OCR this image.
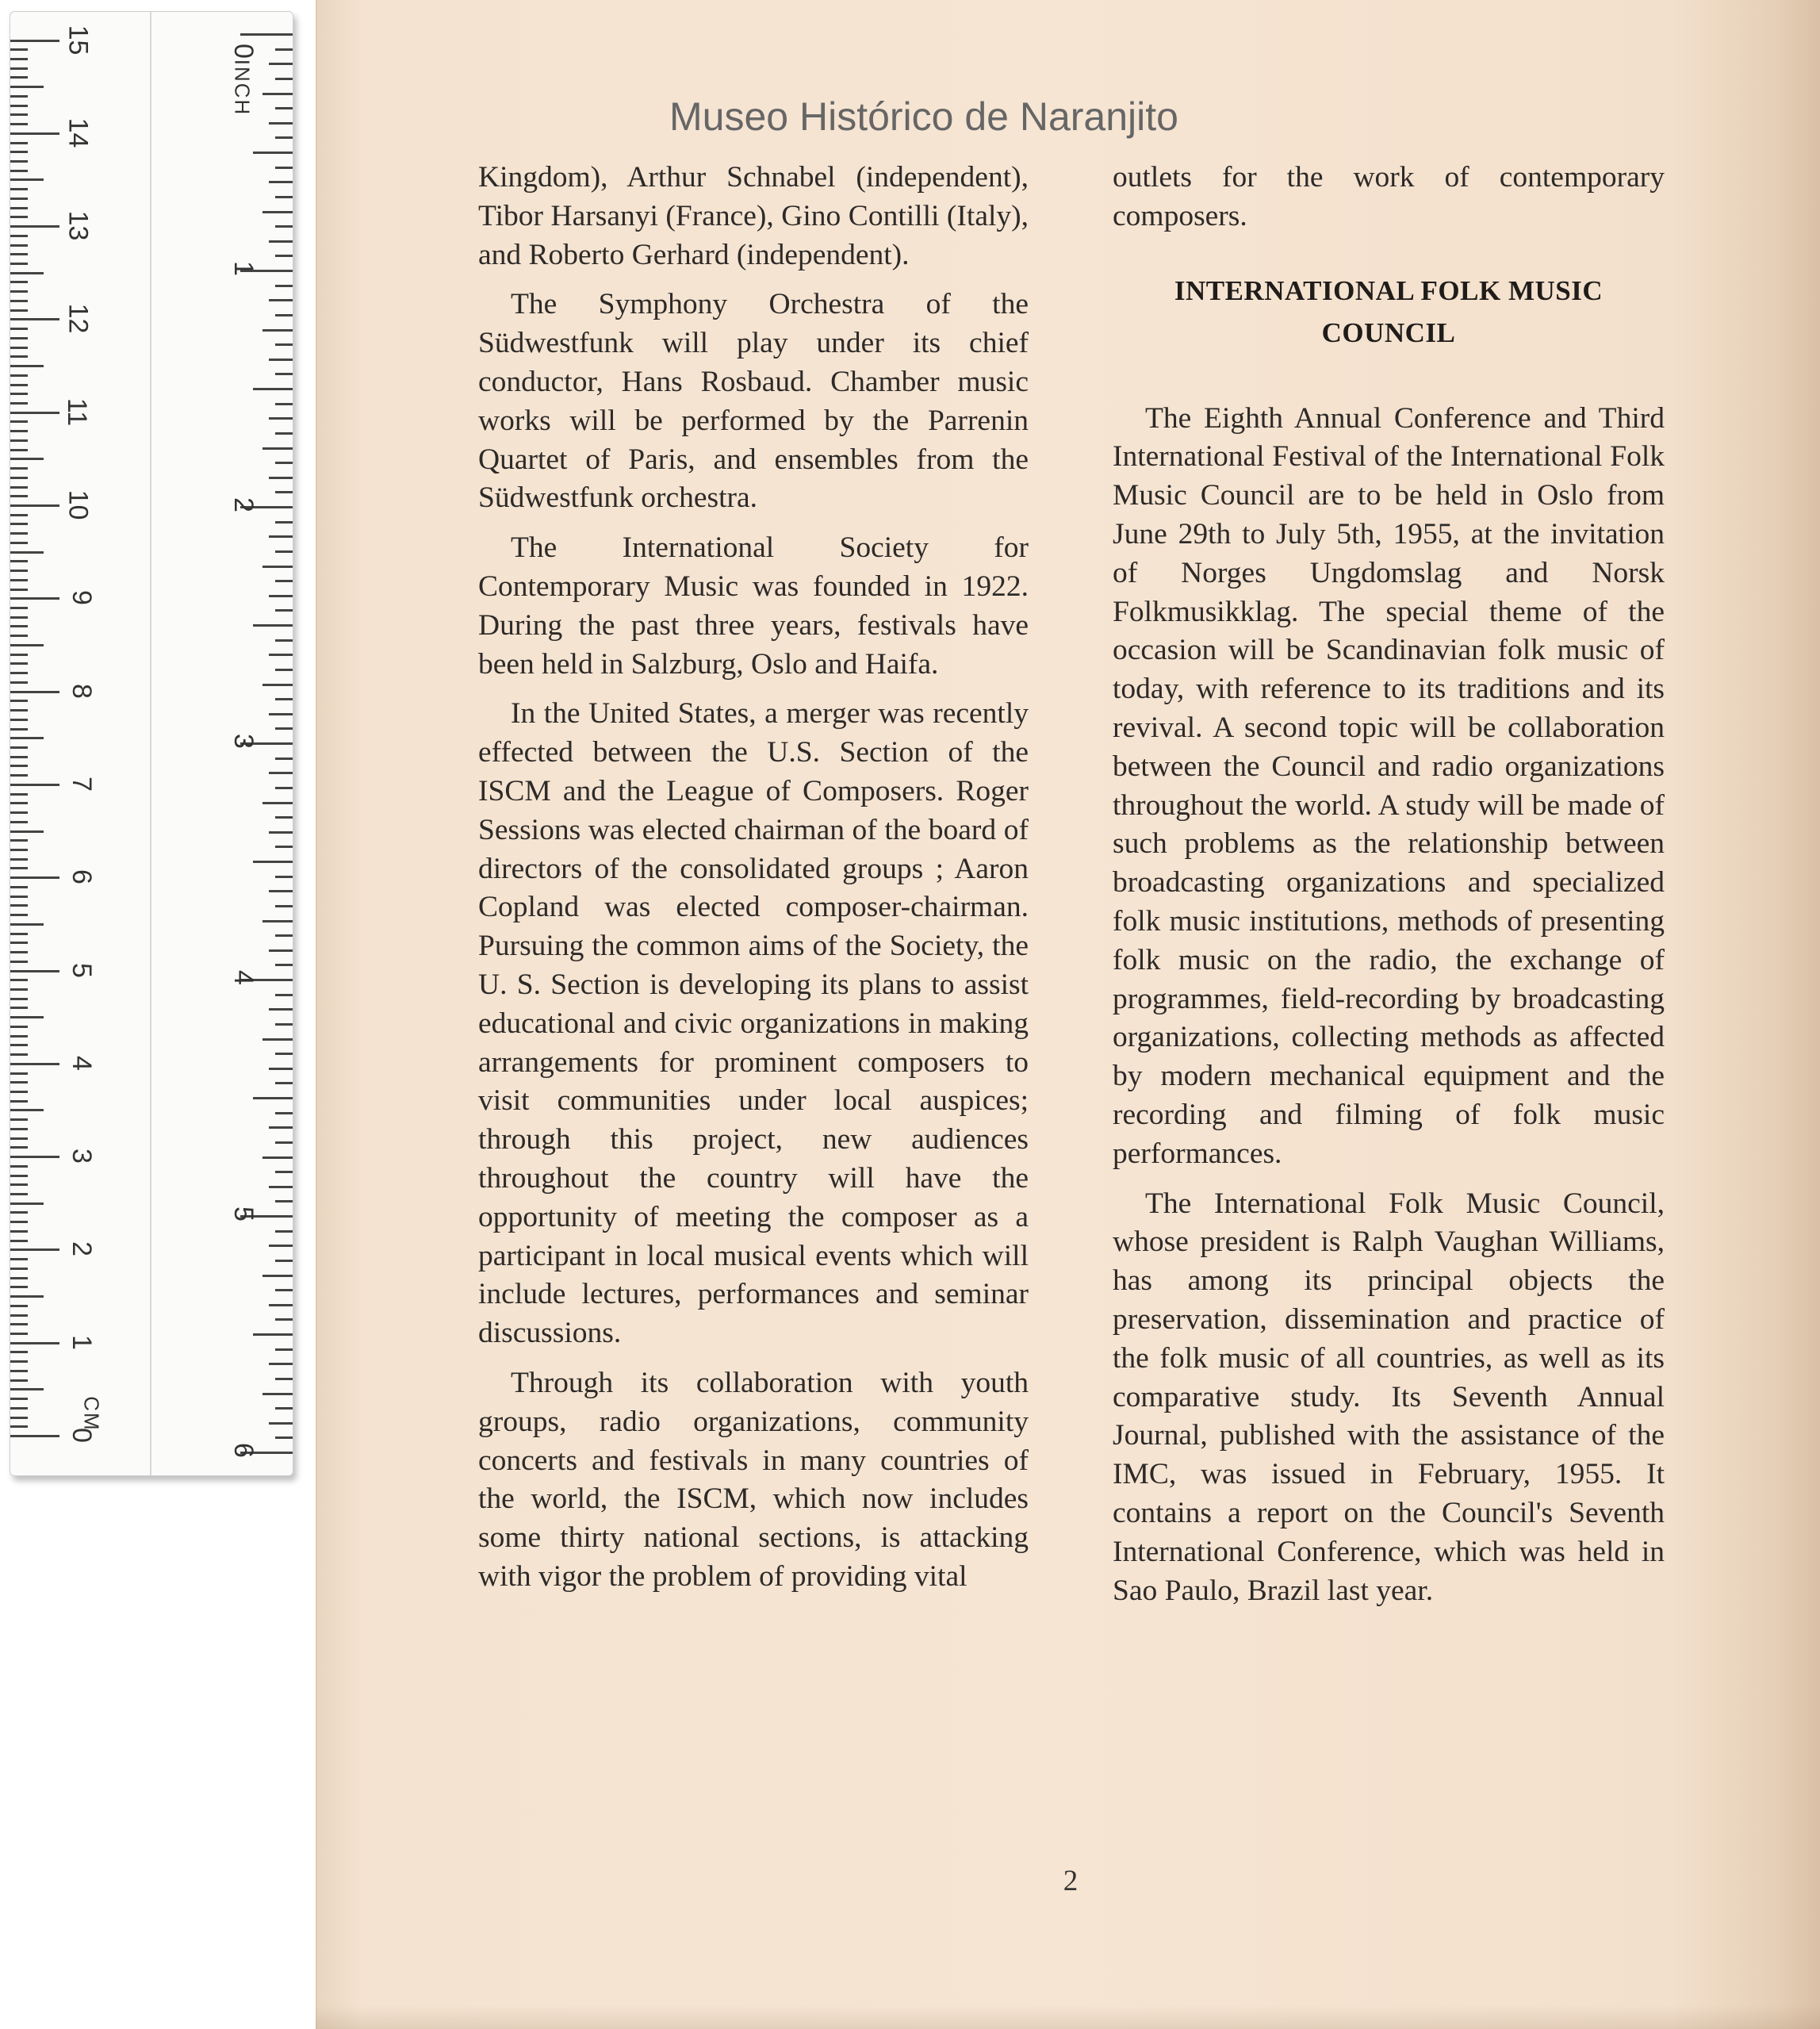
CM
INCH
0
1
2
3
4
5
6
7
8
9
10
11
12
13
14
15	0
1
2
3
4
5
6
Museo Histórico de Naranjito

Kingdom), Arthur Schnabel (independent), Tibor Harsanyi (France), Gino Contilli (Italy), and Roberto Gerhard (independent).

The Symphony Orchestra of the Südwestfunk will play under its chief conductor, Hans Rosbaud. Chamber music works will be performed by the Parrenin Quartet of Paris, and ensembles from the Südwestfunk orchestra.

The International Society for Contemporary Music was founded in 1922. During the past three years, festivals have been held in Salzburg, Oslo and Haifa.

In the United States, a merger was recently effected between the U.S. Section of the ISCM and the League of Composers. Roger Sessions was elected chairman of the board of directors of the consolidated groups ; Aaron Copland was elected composer-chairman. Pursuing the common aims of the Society, the U. S. Section is developing its plans to assist educational and civic organizations in making arrangements for prominent composers to visit communities under local auspices; through this project, new audiences throughout the country will have the opportunity of meeting the composer as a participant in local musical events which will include lectures, performances and seminar discussions.

Through its collaboration with youth groups, radio organizations, community concerts and festivals in many countries of the world, the ISCM, which now includes some thirty national sections, is attacking with vigor the problem of providing vital

outlets for the work of contemporary composers.

INTERNATIONAL FOLK MUSIC COUNCIL

The Eighth Annual Conference and Third International Festival of the International Folk Music Council are to be held in Oslo from June 29th to July 5th, 1955, at the invitation of Norges Ungdomslag and Norsk Folkmusikklag. The special theme of the occasion will be Scandinavian folk music of today, with reference to its traditions and its revival. A second topic will be collaboration between the Council and radio organizations throughout the world. A study will be made of such problems as the relationship between broadcasting organizations and specialized folk music institutions, methods of presenting folk music on the radio, the exchange of programmes, field-recording by broadcasting organizations, collecting methods as affected by modern mechanical equipment and the recording and filming of folk music performances.

The International Folk Music Council, whose president is Ralph Vaughan Williams, has among its principal objects the preservation, dissemination and practice of the folk music of all countries, as well as its comparative study. Its Seventh Annual Journal, published with the assistance of the IMC, was issued in February, 1955. It contains a report on the Council's Seventh International Conference, which was held in Sao Paulo, Brazil last year.

2
